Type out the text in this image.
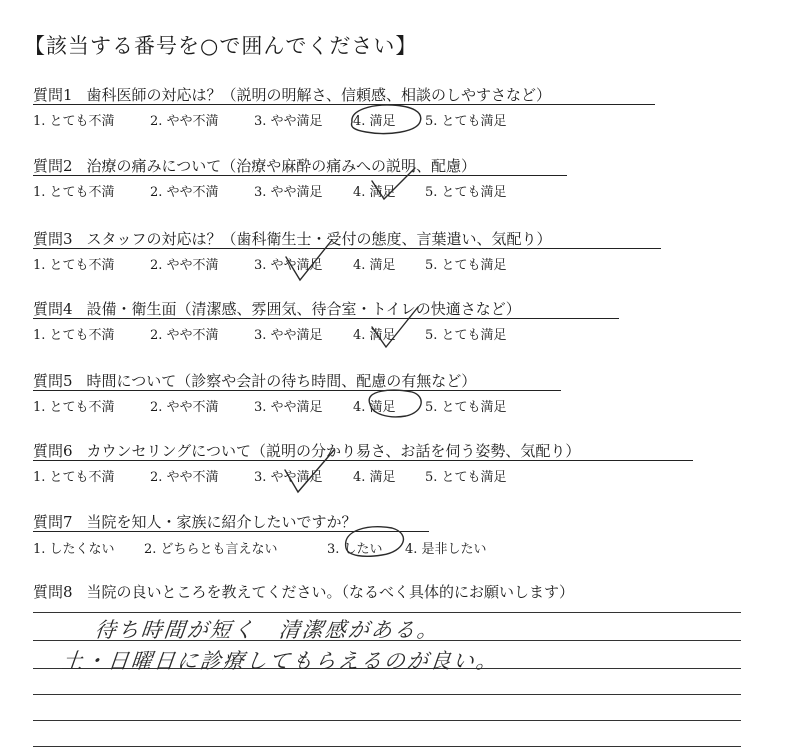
【該当する番号を○で囲んでください】
質問1 歯科医師の対応は？（説明の明解さ、信頼感、相談のしやすさなど）
1. とても不満	2. やや不満	3. やや満足	4. 満足	5. とても満足
質問2 治療の痛みについて（治療や麻酔の痛みへの説明、配慮）
1. とても不満	2. やや不満	3. やや満足	4. 満足	5. とても満足
質問3 スタッフの対応は？（歯科衛生士・受付の態度、言葉遣い、気配り）
1. とても不満	2. やや不満	3. やや満足	4. 満足	5. とても満足
質問4 設備・衛生面（清潔感、雰囲気、待合室・トイレの快適さなど）
1. とても不満	2. やや不満	3. やや満足	4. 満足	5. とても満足
質問5 時間について（診察や会計の待ち時間、配慮の有無など）
1. とても不満	2. やや不満	3. やや満足	4. 満足	5. とても満足
質問6 カウンセリングについて（説明の分かり易さ、お話を伺う姿勢、気配り）
1. とても不満	2. やや不満	3. やや満足	4. 満足	5. とても満足
質問7 当院を知人・家族に紹介したいですか？
1. したくない	2. どちらとも言えない	3. したい	4. 是非したい
質問8 当院の良いところを教えてください。（なるべく具体的にお願いします）
待ち時間が短く　清潔感がある。
土・日曜日に診療してもらえるのが良い。
